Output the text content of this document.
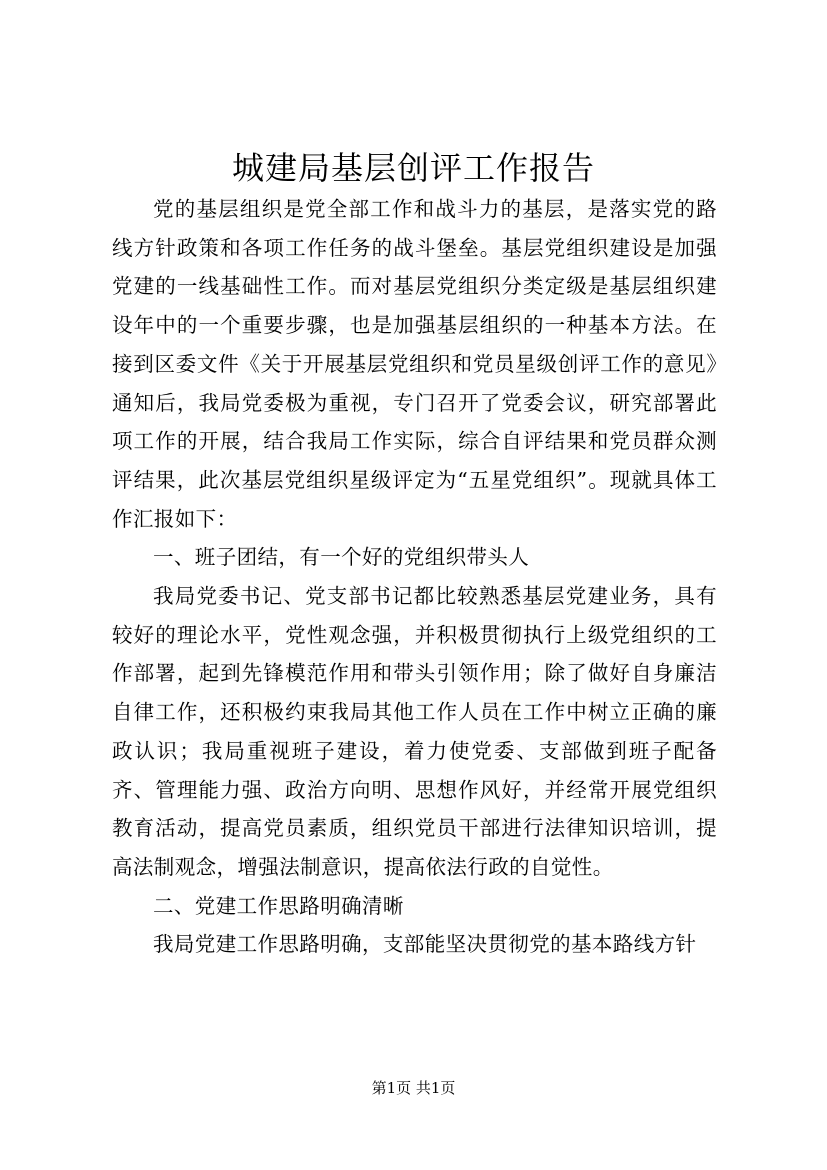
城建局基层创评工作报告

党的基层组织是党全部工作和战斗力的基层，是落实党的路线方针政策和各项工作任务的战斗堡垒。基层党组织建设是加强党建的一线基础性工作。而对基层党组织分类定级是基层组织建设年中的一个重要步骤，也是加强基层组织的一种基本方法。在接到区委文件《关于开展基层党组织和党员星级创评工作的意见》通知后，我局党委极为重视，专门召开了党委会议，研究部署此项工作的开展，结合我局工作实际，综合自评结果和党员群众测评结果，此次基层党组织星级评定为“五星党组织”。现就具体工作汇报如下：

一、班子团结，有一个好的党组织带头人

我局党委书记、党支部书记都比较熟悉基层党建业务，具有较好的理论水平，党性观念强，并积极贯彻执行上级党组织的工作部署，起到先锋模范作用和带头引领作用；除了做好自身廉洁自律工作，还积极约束我局其他工作人员在工作中树立正确的廉政认识；我局重视班子建设，着力使党委、支部做到班子配备齐、管理能力强、政治方向明、思想作风好，并经常开展党组织教育活动，提高党员素质，组织党员干部进行法律知识培训，提高法制观念，增强法制意识，提高依法行政的自觉性。

二、党建工作思路明确清晰

我局党建工作思路明确，支部能坚决贯彻党的基本路线方针

第1页 共1页
